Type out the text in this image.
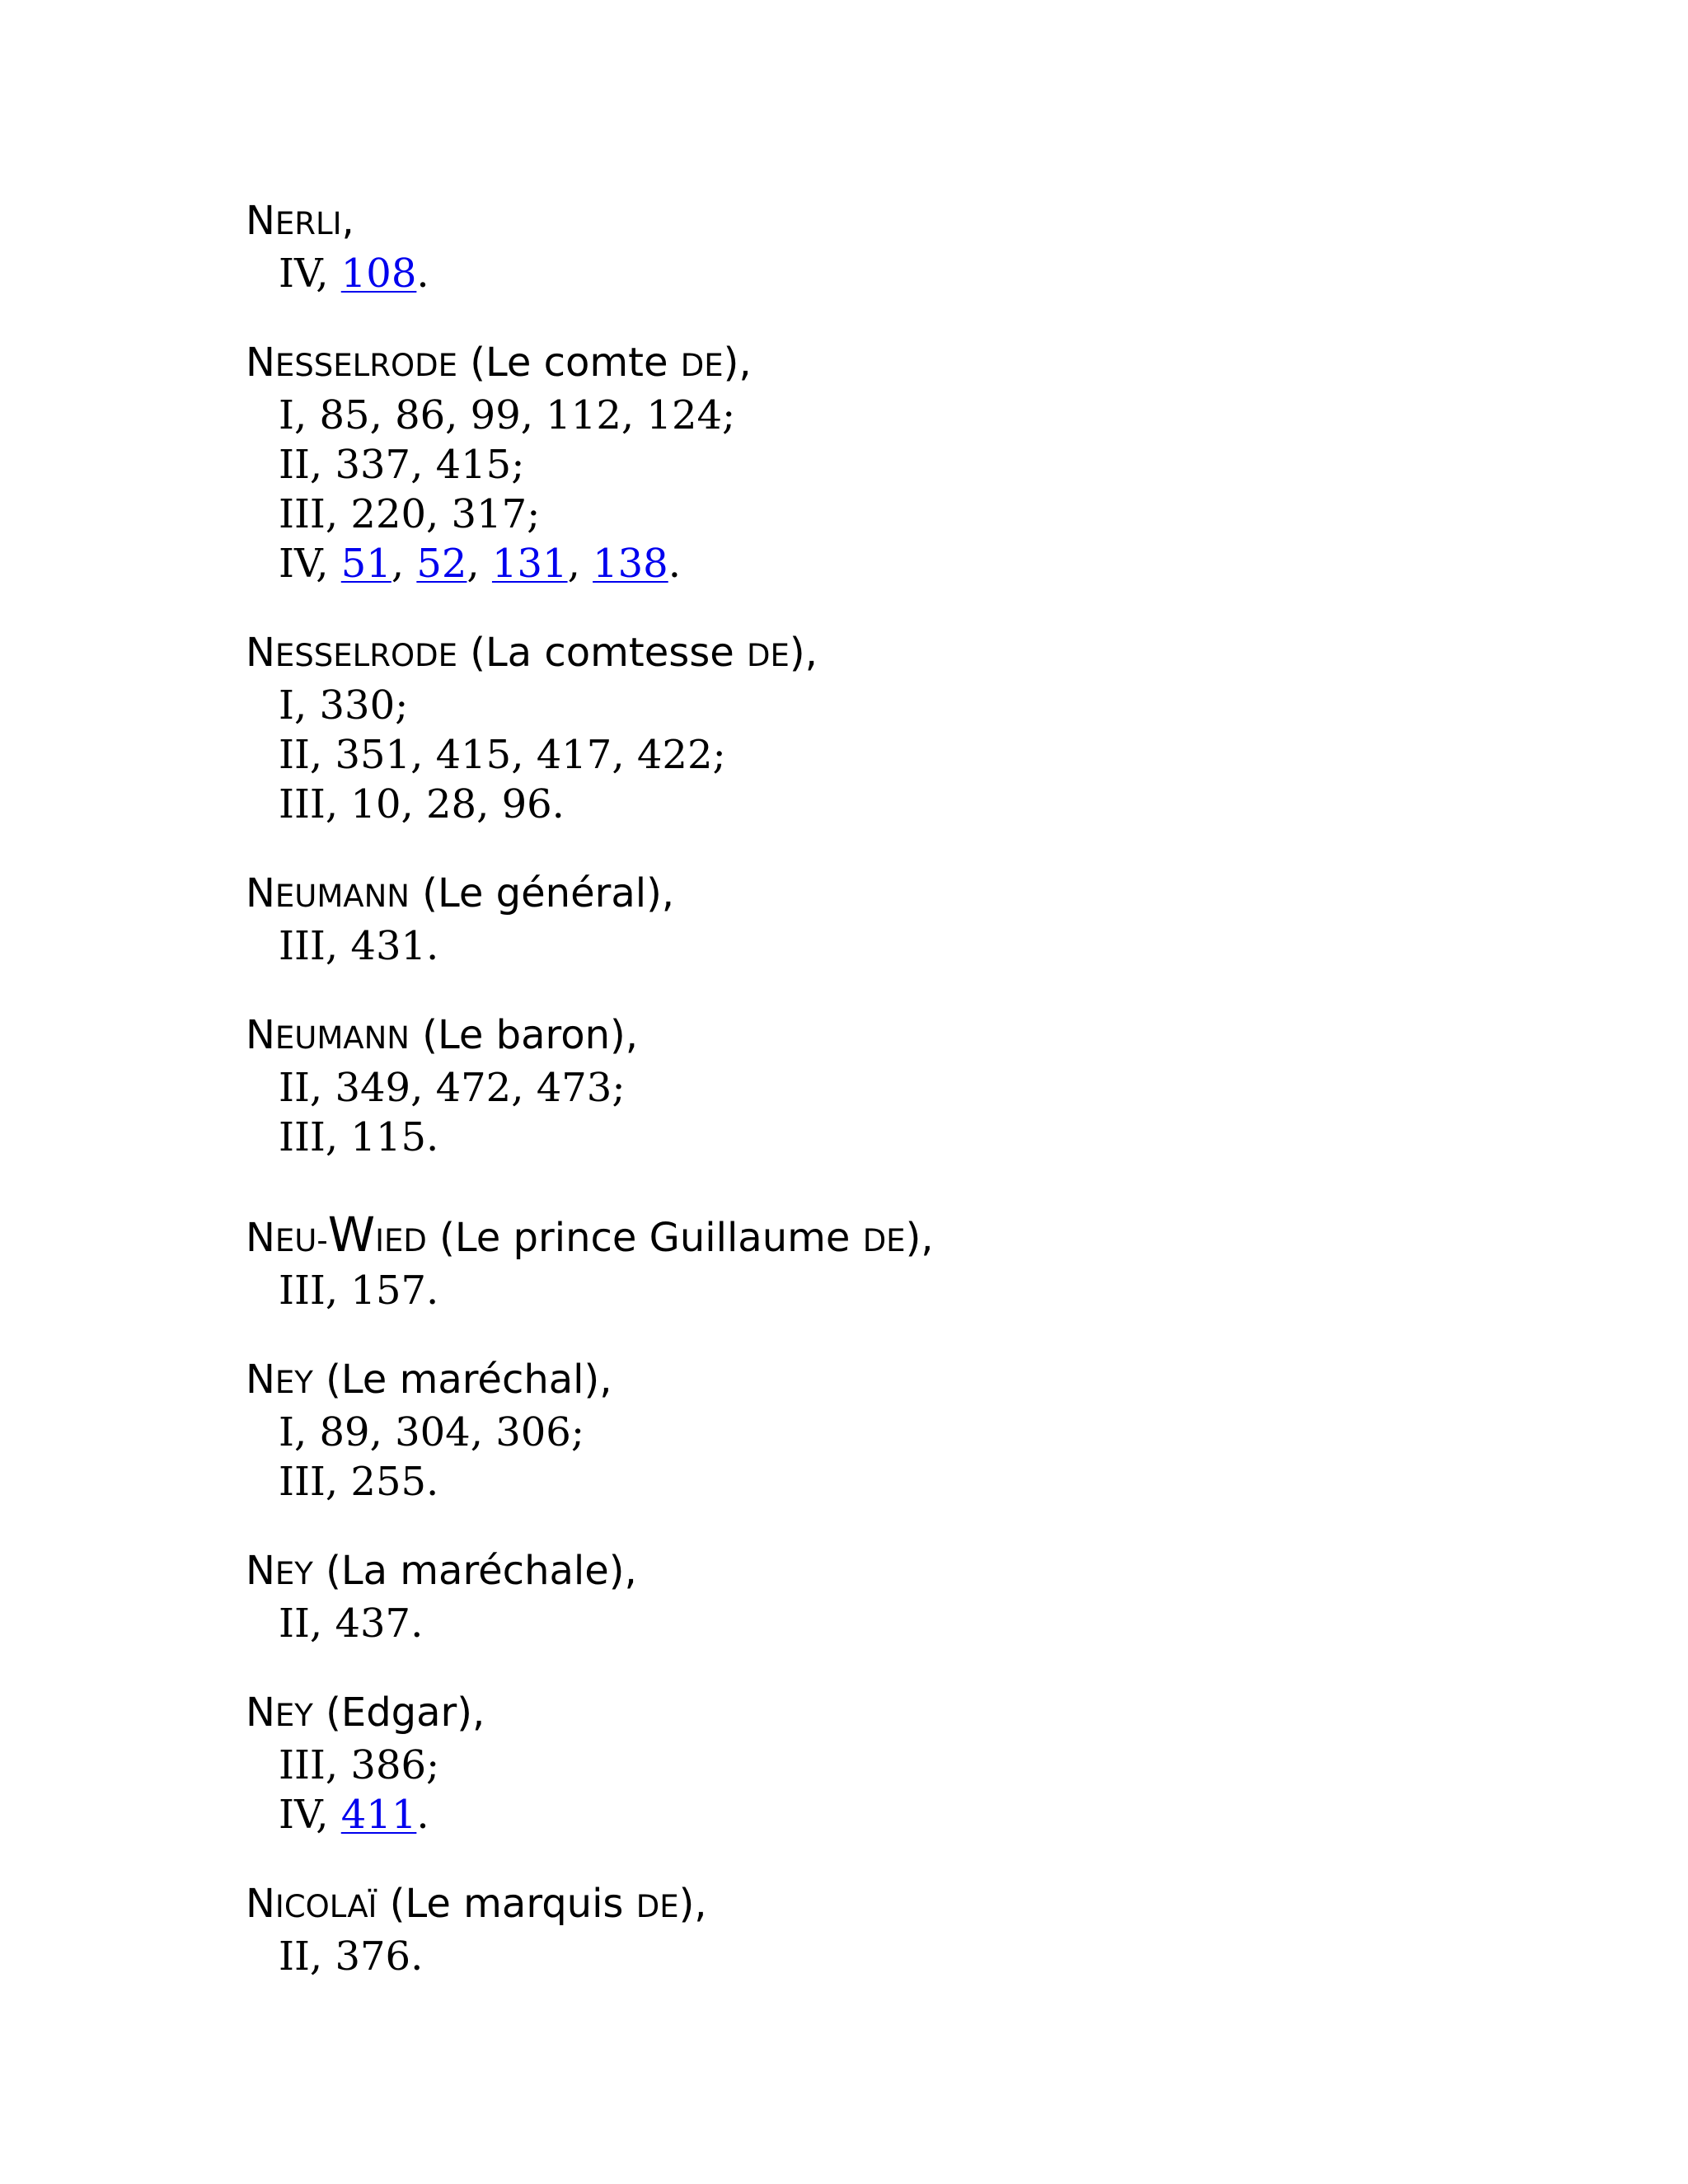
NERLI,
IV, 108.
NESSELRODE (Le comte DE),
I, 85, 86, 99, 112, 124;
II, 337, 415;
III, 220, 317;
IV, 51, 52, 131, 138.
NESSELRODE (La comtesse DE),
I, 330;
II, 351, 415, 417, 422;
III, 10, 28, 96.
NEUMANN (Le général),
III, 431.
NEUMANN (Le baron),
II, 349, 472, 473;
III, 115.
NEU-WIED (Le prince Guillaume DE),
III, 157.
NEY (Le maréchal),
I, 89, 304, 306;
III, 255.
NEY (La maréchale),
II, 437.
NEY (Edgar),
III, 386;
IV, 411.
NICOLAÏ (Le marquis DE),
II, 376.
